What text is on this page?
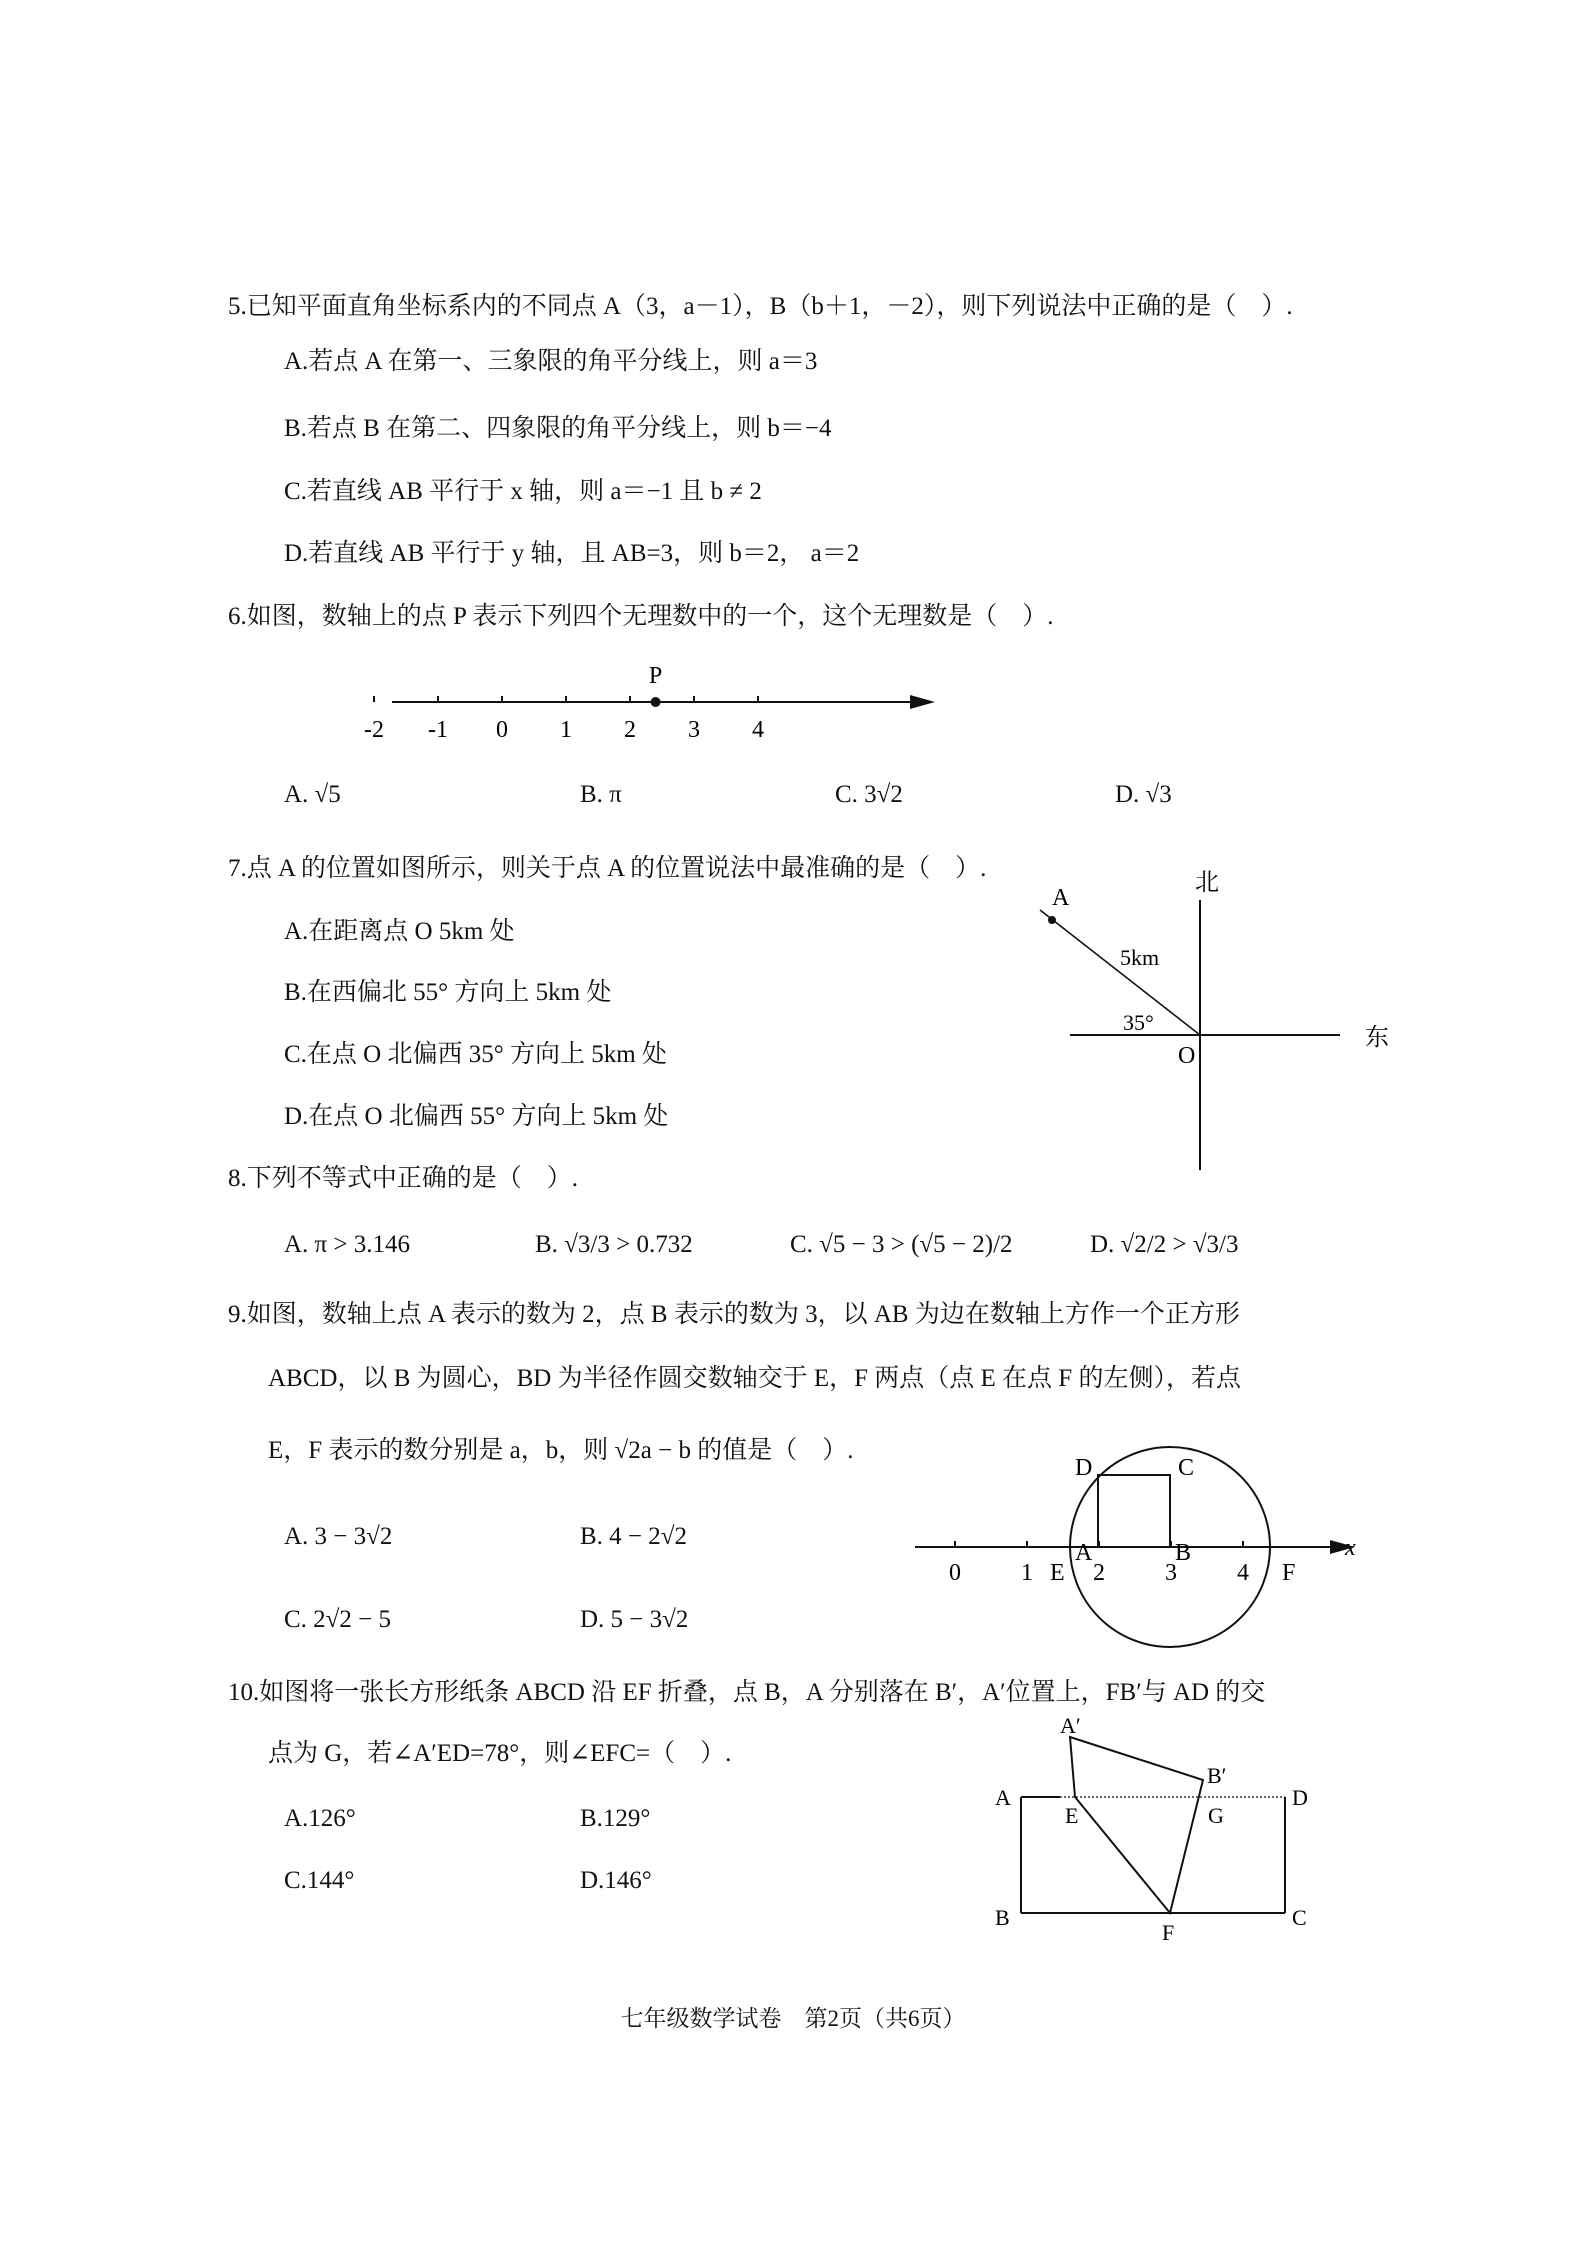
5.已知平面直角坐标系内的不同点 A（3，a－1），B（b＋1，－2），则下列说法中正确的是（　）.
A.若点 A 在第一、三象限的角平分线上，则 a＝3
B.若点 B 在第二、四象限的角平分线上，则 b＝−4
C.若直线 AB 平行于 x 轴，则 a＝−1 且 b ≠ 2
D.若直线 AB 平行于 y 轴，且 AB=3，则 b＝2， a＝2
6.如图，数轴上的点 P 表示下列四个无理数中的一个，这个无理数是（　）.
-2 -1 0 1 2 3 4
P
A. √5	B. π	C. 3√2	D. √3
7.点 A 的位置如图所示，则关于点 A 的位置说法中最准确的是（　）.
A.在距离点 O 5km 处
B.在西偏北 55° 方向上 5km 处
C.在点 O 北偏西 35° 方向上 5km 处
D.在点 O 北偏西 55° 方向上 5km 处
北
东
O
A
5km
35°
8.下列不等式中正确的是（　）.
A. π > 3.146	B. √3/3 > 0.732	C. √5 − 3 > (√5 − 2)/2	D. √2/2 > √3/3
9.如图，数轴上点 A 表示的数为 2，点 B 表示的数为 3，以 AB 为边在数轴上方作一个正方形
ABCD，以 B 为圆心，BD 为半径作圆交数轴交于 E，F 两点（点 E 在点 F 的左侧），若点
E，F 表示的数分别是 a，b，则 √2a − b 的值是（　）.
A. 3 − 3√2	B. 4 − 2√2
C. 2√2 − 5	D. 5 − 3√2
0	1	2	3	4
A	B
C
D
E	F
x
10.如图将一张长方形纸条 ABCD 沿 EF 折叠，点 B，A 分别落在 B′，A′位置上，FB′与 AD 的交
点为 G，若∠A′ED=78°，则∠EFC=（　）.
A.126°	B.129°
C.144°	D.146°
A
B	C
D
E
F
G
A′
B′
七年级数学试卷　第2页（共6页）
